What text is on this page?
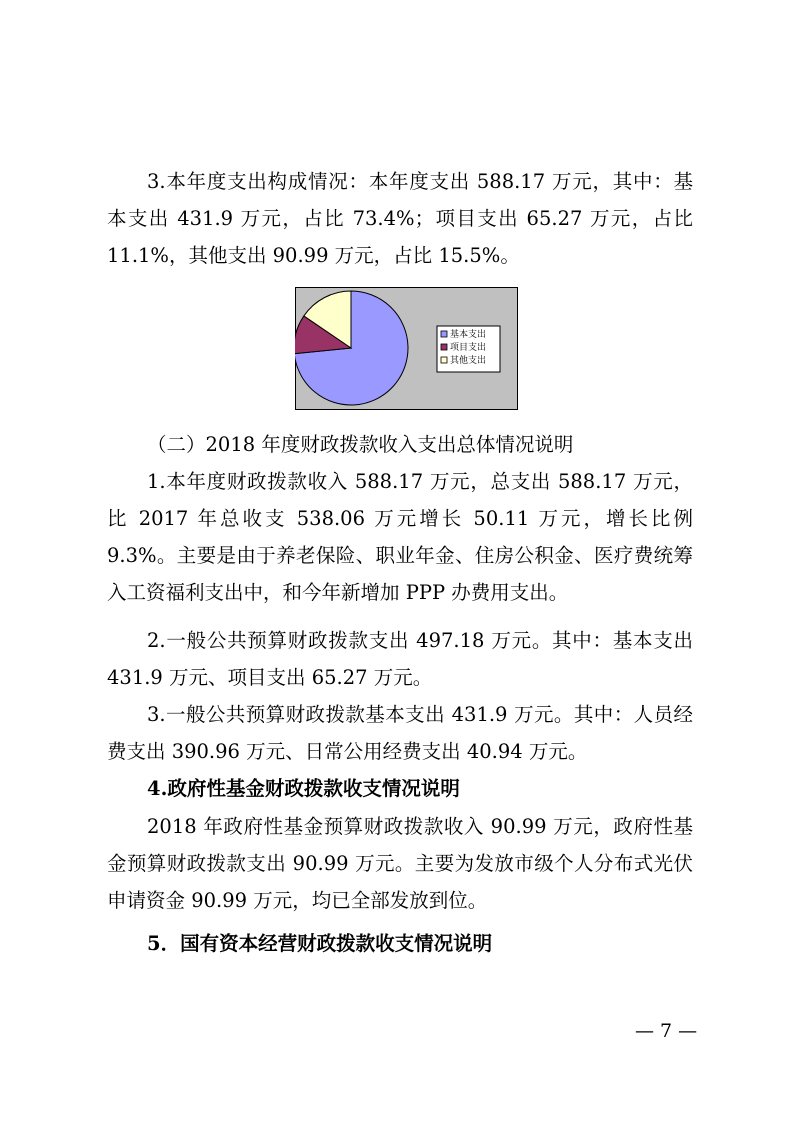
3.本年度支出构成情况：本年度支出 588.17 万元，其中：基本支出 431.9 万元，占比 73.4%；项目支出 65.27 万元，占比 11.1%，其他支出 90.99 万元，占比 15.5%。

基本支出
项目支出
其他支出

（二）2018 年度财政拨款收入支出总体情况说明

1.本年度财政拨款收入 588.17 万元，总支出 588.17 万元，比 2017 年总收支 538.06 万元增长 50.11 万元，增长比例 9.3%。主要是由于养老保险、职业年金、住房公积金、医疗费统筹入工资福利支出中，和今年新增加 PPP 办费用支出。

2.一般公共预算财政拨款支出 497.18 万元。其中：基本支出 431.9 万元、项目支出 65.27 万元。

3.一般公共预算财政拨款基本支出 431.9 万元。其中：人员经费支出 390.96 万元、日常公用经费支出 40.94 万元。

4.政府性基金财政拨款收支情况说明

2018 年政府性基金预算财政拨款收入 90.99 万元，政府性基金预算财政拨款支出 90.99 万元。主要为发放市级个人分布式光伏申请资金 90.99 万元，均已全部发放到位。

5．国有资本经营财政拨款收支情况说明

— 7 —
